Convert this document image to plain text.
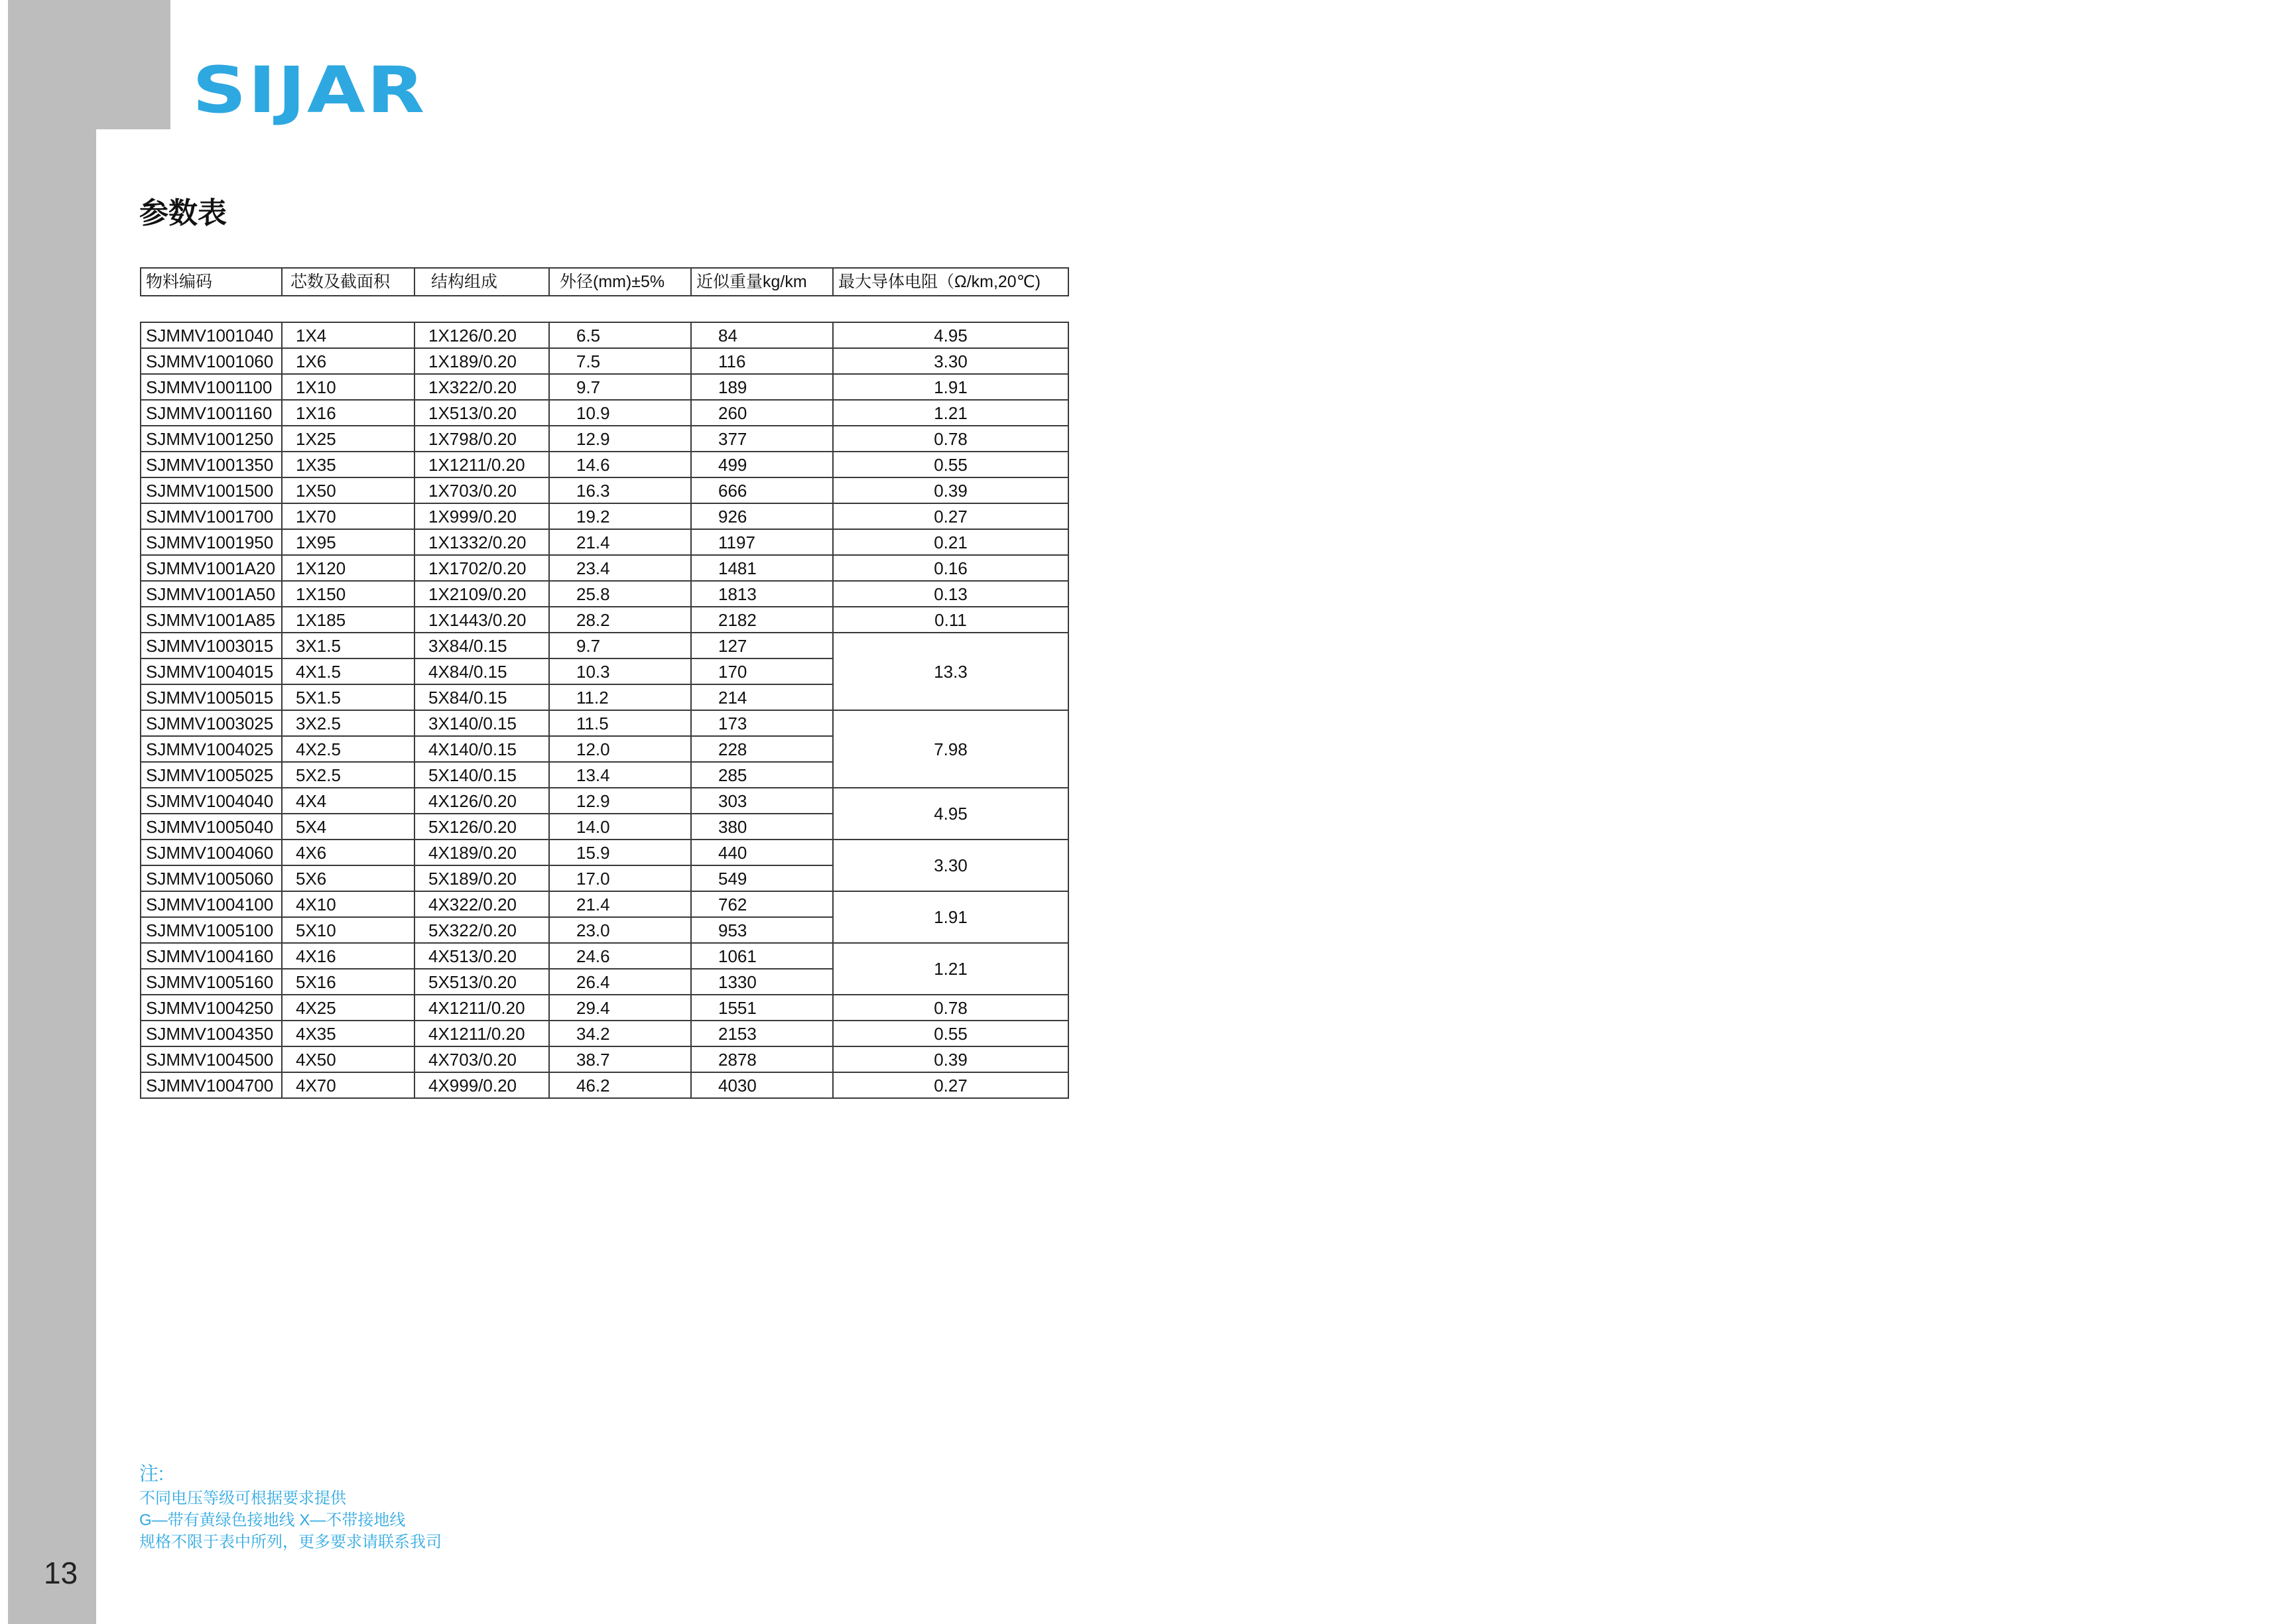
13
SIJAR
参数表
物料编码	芯数及截面积	结构组成	外径(mm)±5%	近似重量kg/km	最大导体电阻（Ω/km,20℃)

SJMMV1001040	1X4	1X126/0.20	6.5	84	4.95
SJMMV1001060	1X6	1X189/0.20	7.5	116	3.30
SJMMV1001100	1X10	1X322/0.20	9.7	189	1.91
SJMMV1001160	1X16	1X513/0.20	10.9	260	1.21
SJMMV1001250	1X25	1X798/0.20	12.9	377	0.78
SJMMV1001350	1X35	1X1211/0.20	14.6	499	0.55
SJMMV1001500	1X50	1X703/0.20	16.3	666	0.39
SJMMV1001700	1X70	1X999/0.20	19.2	926	0.27
SJMMV1001950	1X95	1X1332/0.20	21.4	1197	0.21
SJMMV1001A20	1X120	1X1702/0.20	23.4	1481	0.16
SJMMV1001A50	1X150	1X2109/0.20	25.8	1813	0.13
SJMMV1001A85	1X185	1X1443/0.20	28.2	2182	0.11
SJMMV1003015	3X1.5	3X84/0.15	9.7	127	13.3
SJMMV1004015	4X1.5	4X84/0.15	10.3	170	
SJMMV1005015	5X1.5	5X84/0.15	11.2	214	
SJMMV1003025	3X2.5	3X140/0.15	11.5	173	7.98
SJMMV1004025	4X2.5	4X140/0.15	12.0	228	
SJMMV1005025	5X2.5	5X140/0.15	13.4	285	
SJMMV1004040	4X4	4X126/0.20	12.9	303	4.95
SJMMV1005040	5X4	5X126/0.20	14.0	380	
SJMMV1004060	4X6	4X189/0.20	15.9	440	3.30
SJMMV1005060	5X6	5X189/0.20	17.0	549	
SJMMV1004100	4X10	4X322/0.20	21.4	762	1.91
SJMMV1005100	5X10	5X322/0.20	23.0	953	
SJMMV1004160	4X16	4X513/0.20	24.6	1061	1.21
SJMMV1005160	5X16	5X513/0.20	26.4	1330	
SJMMV1004250	4X25	4X1211/0.20	29.4	1551	0.78
SJMMV1004350	4X35	4X1211/0.20	34.2	2153	0.55
SJMMV1004500	4X50	4X703/0.20	38.7	2878	0.39
SJMMV1004700	4X70	4X999/0.20	46.2	4030	0.27
注:
不同电压等级可根据要求提供
G—带有黄绿色接地线 X—不带接地线
规格不限于表中所列，更多要求请联系我司
